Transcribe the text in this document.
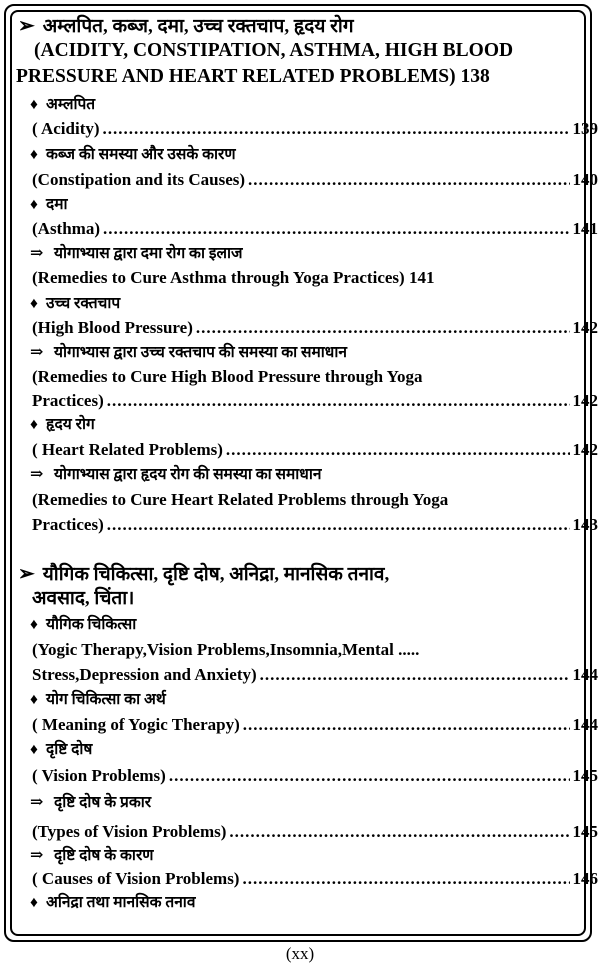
➢ अम्लपित, कब्ज, दमा, उच्च रक्तचाप, हृदय रोग
(ACIDITY, CONSTIPATION, ASTHMA, HIGH BLOOD
PRESSURE AND HEART RELATED PROBLEMS) 138
♦ अम्लपित
( Acidity) .....	139
♦ कब्ज की समस्या और उसके कारण
(Constipation and its Causes) .....	140
♦ दमा
(Asthma) .....	141
⇒ योगाभ्यास द्वारा दमा रोग का इलाज
(Remedies to Cure Asthma through Yoga Practices) 141
♦ उच्च रक्तचाप
(High Blood Pressure) .....	142
⇒ योगाभ्यास द्वारा उच्च रक्तचाप की समस्या का समाधान
(Remedies to Cure High Blood Pressure through Yoga
Practices) .....	142
♦ हृदय रोग
( Heart Related Problems) .....	142
⇒ योगाभ्यास द्वारा हृदय रोग की समस्या का समाधान
(Remedies to Cure Heart Related Problems through Yoga
Practices) .....	143
➢ यौगिक चिकित्सा, दृष्टि दोष, अनिद्रा, मानसिक तनाव,
अवसाद, चिंता।
♦ यौगिक चिकित्सा
(Yogic Therapy,Vision Problems,Insomnia,Mental .....
Stress,Depression and Anxiety) .....	144
♦ योग चिकित्सा का अर्थ
( Meaning of Yogic Therapy) .....	144
♦ दृष्टि दोष
( Vision Problems) .....	145
⇒ दृष्टि दोष के प्रकार
(Types of Vision Problems) .....	145
⇒ दृष्टि दोष के कारण
( Causes of Vision Problems) .....	146
♦ अनिद्रा तथा मानसिक तनाव
(xx)
